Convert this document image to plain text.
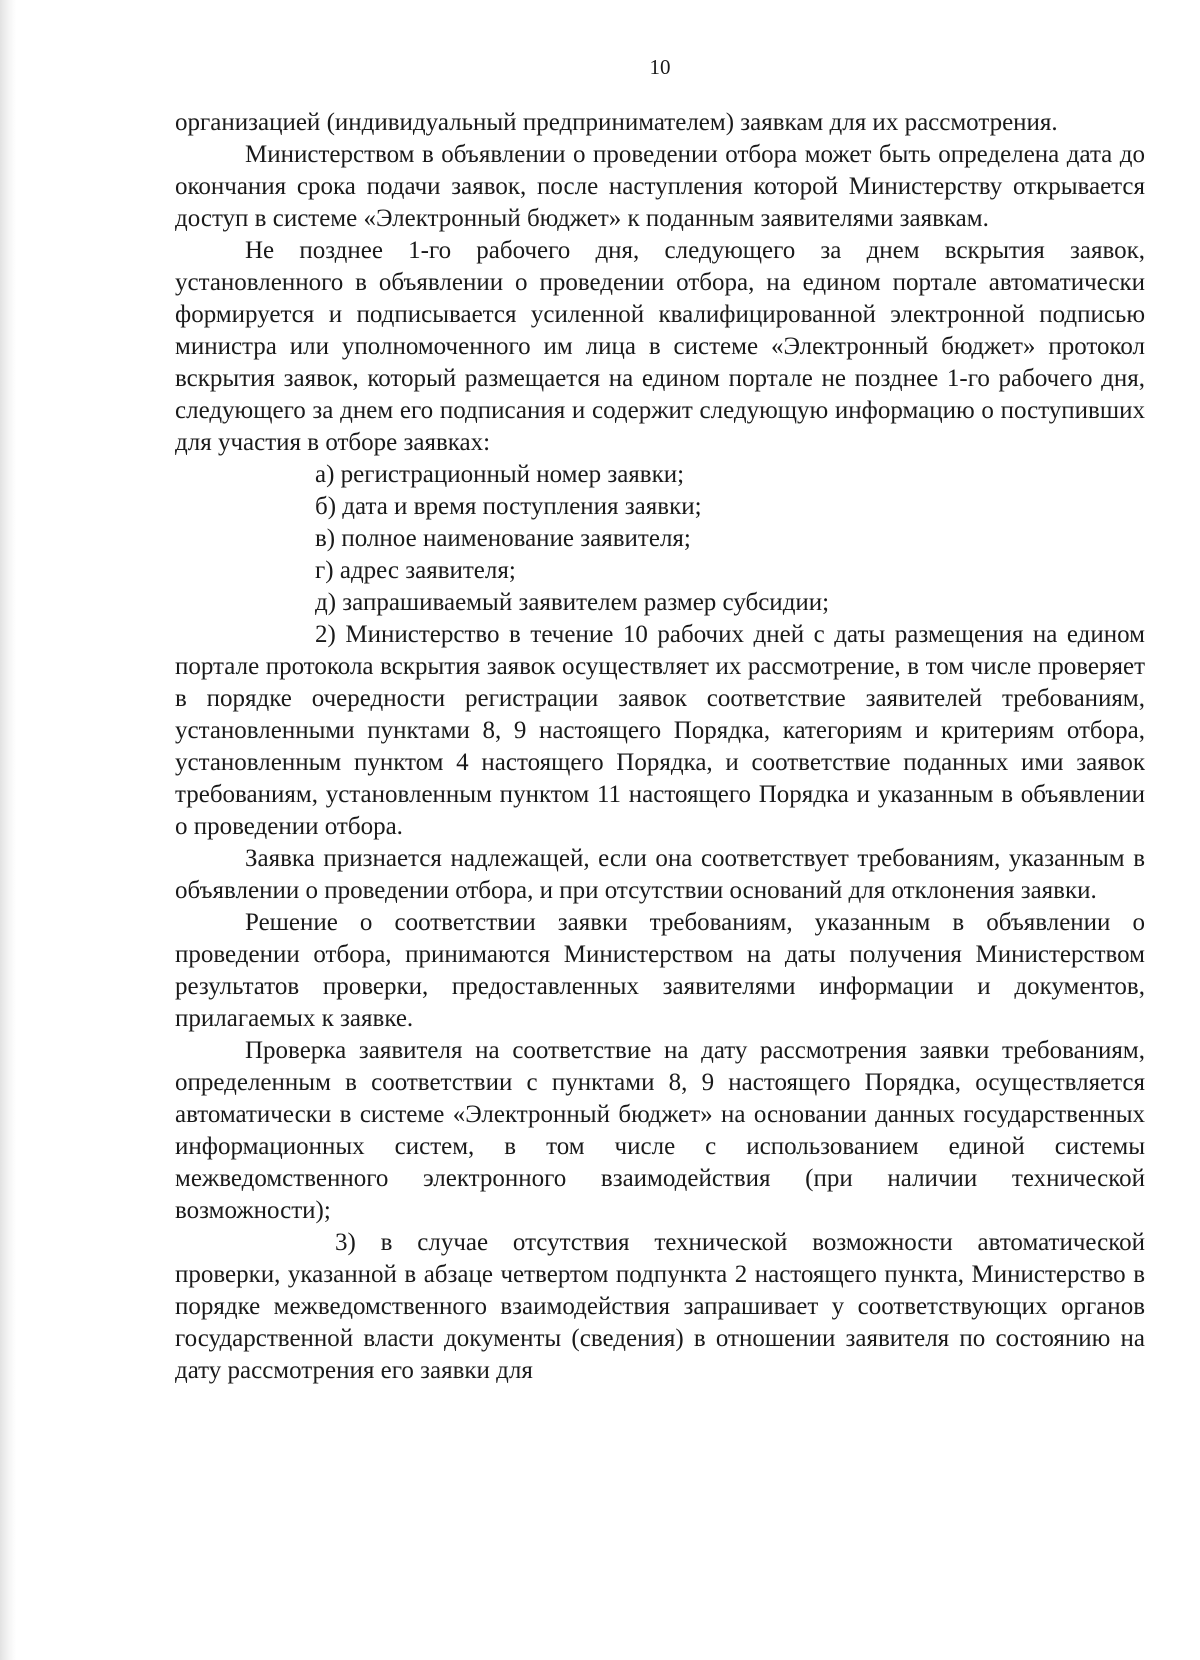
10

организацией (индивидуальный предпринимателем) заявкам для их рассмотрения.

Министерством в объявлении о проведении отбора может быть определена дата до окончания срока подачи заявок, после наступления которой Министерству открывается доступ в системе «Электронный бюджет» к поданным заявителями заявкам.

Не позднее 1-го рабочего дня, следующего за днем вскрытия заявок, установленного в объявлении о проведении отбора, на едином портале автоматически формируется и подписывается усиленной квалифицированной электронной подписью министра или уполномоченного им лица в системе «Электронный бюджет» протокол вскрытия заявок, который размещается на едином портале не позднее 1-го рабочего дня, следующего за днем его подписания и содержит следующую информацию о поступивших для участия в отборе заявках:

а) регистрационный номер заявки;

б) дата и время поступления заявки;

в) полное наименование заявителя;

г) адрес заявителя;

д) запрашиваемый заявителем размер субсидии;

2) Министерство в течение 10 рабочих дней с даты размещения на едином портале протокола вскрытия заявок осуществляет их рассмотрение, в том числе проверяет в порядке очередности регистрации заявок соответствие заявителей требованиям, установленными пунктами 8, 9 настоящего Порядка, категориям и критериям отбора, установленным пунктом 4 настоящего Порядка, и соответствие поданных ими заявок требованиям, установленным пунктом 11 настоящего Порядка и указанным в объявлении о проведении отбора.

Заявка признается надлежащей, если она соответствует требованиям, указанным в объявлении о проведении отбора, и при отсутствии оснований для отклонения заявки.

Решение о соответствии заявки требованиям, указанным в объявлении о проведении отбора, принимаются Министерством на даты получения Министерством результатов проверки, предоставленных заявителями информации и документов, прилагаемых к заявке.

Проверка заявителя на соответствие на дату рассмотрения заявки требованиям, определенным в соответствии с пунктами 8, 9 настоящего Порядка, осуществляется автоматически в системе «Электронный бюджет» на основании данных государственных информационных систем, в том числе с использованием единой системы межведомственного электронного взаимодействия (при наличии технической возможности);

3) в случае отсутствия технической возможности автоматической проверки, указанной в абзаце четвертом подпункта 2 настоящего пункта, Министерство в порядке межведомственного взаимодействия запрашивает у соответствующих органов государственной власти документы (сведения) в отношении заявителя по состоянию на дату рассмотрения его заявки для
